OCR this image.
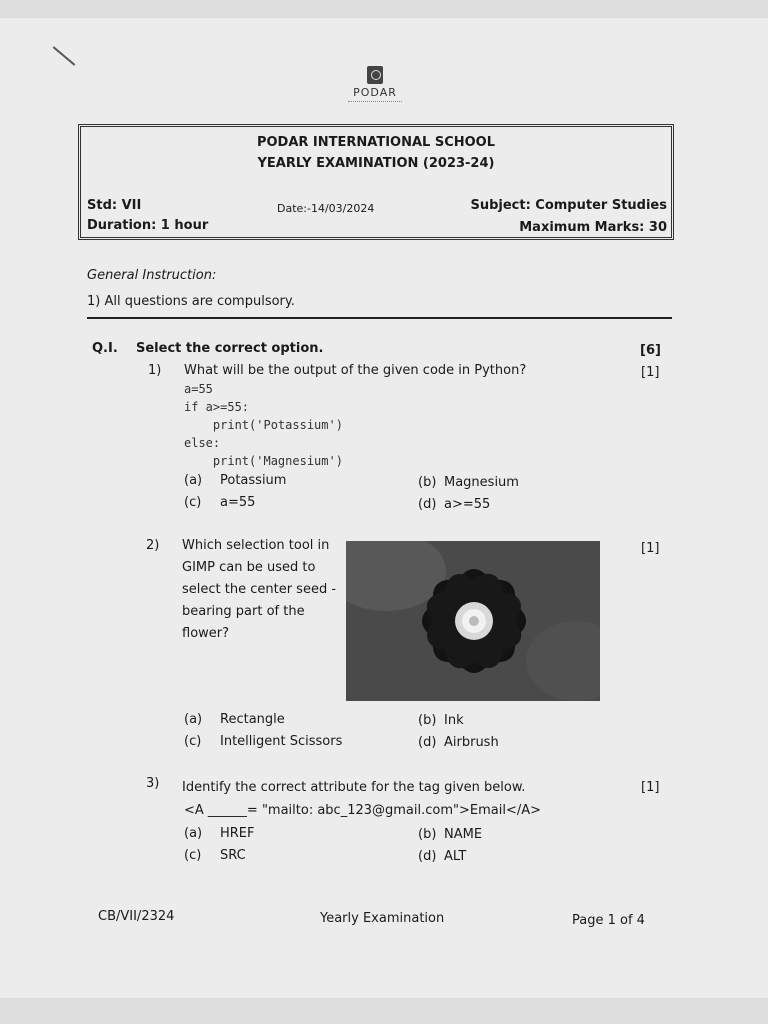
PODAR
PODAR INTERNATIONAL SCHOOL
YEARLY EXAMINATION (2023-24)
Std: VII
Duration: 1 hour
Date:-14/03/2024	Subject: Computer Studies
Maximum Marks: 30
General Instruction:
1) All questions are compulsory.
Q.I. Select the correct option.	[6]
1) What will be the output of the given code in Python?	[1]
a=55
if a>=55:
print('Potassium')
else:
print('Magnesium')
(a) Potassium	(b) Magnesium
(c) a=55	(d) a>=55
2) Which selection tool in
GIMP can be used to
select the center seed -
bearing part of the
flower?
[1]
(a) Rectangle	(b) Ink
(c) Intelligent Scissors	(d) Airbrush
3) Identify the correct attribute for the tag given below.
<A ______= "mailto: abc_123@gmail.com">Email</A>
[1]
(a) HREF	(b) NAME
(c) SRC	(d) ALT
CB/VII/2324	Yearly Examination	Page 1 of 4
